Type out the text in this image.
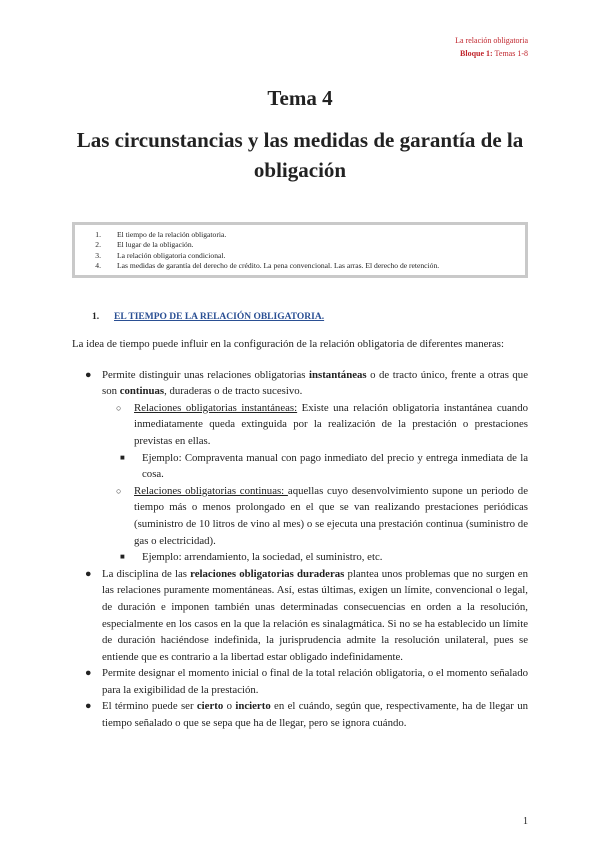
La relación obligatoria
Bloque 1: Temas 1-8
Tema 4
Las circunstancias y las medidas de garantía de la obligación
1.	El tiempo de la relación obligatoria.
2.	El lugar de la obligación.
3.	La relación obligatoria condicional.
4.	Las medidas de garantía del derecho de crédito. La pena convencional. Las arras. El derecho de retención.
1.	EL TIEMPO DE LA RELACIÓN OBLIGATORIA.

La idea de tiempo puede influir en la configuración de la relación obligatoria de diferentes maneras:

● Permite distinguir unas relaciones obligatorias instantáneas o de tracto único, frente a otras que son continuas, duraderas o de tracto sucesivo.
○ Relaciones obligatorias instantáneas: Existe una relación obligatoria instantánea cuando inmediatamente queda extinguida por la realización de la prestación o prestaciones previstas en ellas.
■ Ejemplo: Compraventa manual con pago inmediato del precio y entrega inmediata de la cosa.
○ Relaciones obligatorias continuas: aquellas cuyo desenvolvimiento supone un periodo de tiempo más o menos prolongado en el que se van realizando prestaciones periódicas (suministro de 10 litros de vino al mes) o se ejecuta una prestación continua (suministro de gas o electricidad).
■ Ejemplo: arrendamiento, la sociedad, el suministro, etc.
● La disciplina de las relaciones obligatorias duraderas plantea unos problemas que no surgen en las relaciones puramente momentáneas. Así, estas últimas, exigen un límite, convencional o legal, de duración e imponen también unas determinadas consecuencias en orden a la resolución, especialmente en los casos en la que la relación es sinalagmática. Si no se ha establecido un límite de duración haciéndose indefinida, la jurisprudencia admite la resolución unilateral, pues se entiende que es contrario a la libertad estar obligado indefinidamente.
● Permite designar el momento inicial o final de la total relación obligatoria, o el momento señalado para la exigibilidad de la prestación.
● El término puede ser cierto o incierto en el cuándo, según que, respectivamente, ha de llegar un tiempo señalado o que se sepa que ha de llegar, pero se ignora cuándo.
1
